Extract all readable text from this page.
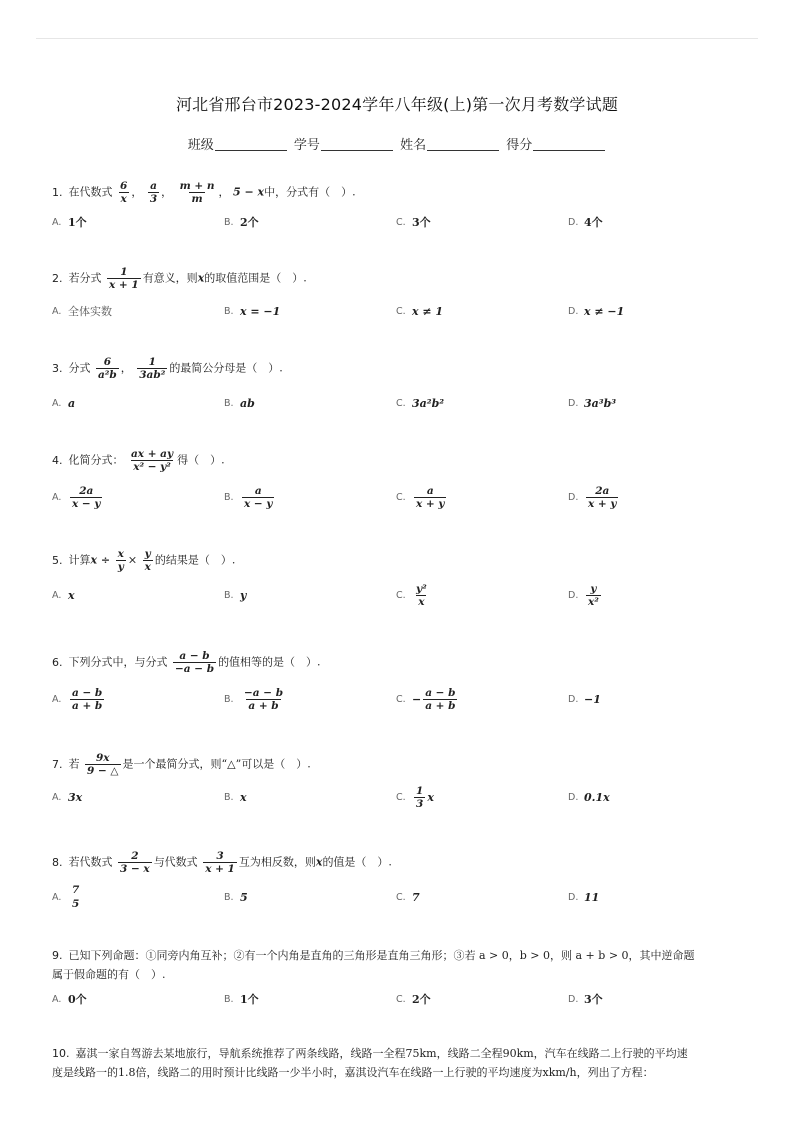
河北省邢台市2023-2024学年八年级(上)第一次月考数学试题
班级	学号	姓名	得分
1. 在代数式 $\frac{6}{x}$ ， $\frac{a}{3}$ ， $\frac{m + n}{m}$ ， 5 − x中，分式有（　）.
A. 1个	B. 2个	C. 3个	D. 4个
2. 若分式 $\frac{1}{x + 1}$ 有意义，则x的取值范围是（　）.
A. 全体实数	B. x = −1	C. x ≠ 1	D. x ≠ −1
3. 分式 $\frac{6}{\text{a²b}}$ ， $\frac{1}{\text{3ab²}}$ 的最简公分母是（　）.
A. a	B. ab	C. 3a²b²	D. 3a³b³
4. 化简分式： $\frac{ax + ay}{\text{x² − y²}}$ 得（　）.
A. $\frac{2a}{x - y}$	B. $\frac{a}{x - y}$	C. $\frac{a}{x + y}$	D. $\frac{2a}{x + y}$
5. 计算$x \div \frac{x}{y} \times \frac{y}{x}$ 的结果是（　）.
A. x	B. y	C. $\frac{\text{y²}}{x}$	D. $\frac{y}{\text{x²}}$
6. 下列分式中，与分式 $\frac{a - b}{-a - b}$ 的值相等的是（　）.
A. $\frac{a - b}{a + b}$	B. $\frac{-a - b}{a + b}$	C. − $\frac{a - b}{a + b}$	D. −1
7. 若 $\frac{9x}{9 - \triangle}$ 是一个最简分式，则“△”可以是（　）.
A. 3x	B. x	C. $\frac{1}{3}$ x	D. 0.1x
8. 若代数式 $\frac{2}{3 - x}$ 与代数式 $\frac{3}{x + 1}$ 互为相反数，则x的值是（　）.
A.
7
5
B. 5	C. 7	D. 11
9. 已知下列命题：①同旁内角互补；②有一个内角是直角的三角形是直角三角形；③若 a > 0，b > 0，则 a + b > 0，其中逆命题
属于假命题的有（　）.
A. 0个	B. 1个	C. 2个	D. 3个
10. 嘉淇一家自驾游去某地旅行，导航系统推荐了两条线路，线路一全程75km，线路二全程90km，汽车在线路二上行驶的平均速
度是线路一的1.8倍，线路二的用时预计比线路一少半小时，嘉淇设汽车在线路一上行驶的平均速度为xkm/h，列出了方程：
